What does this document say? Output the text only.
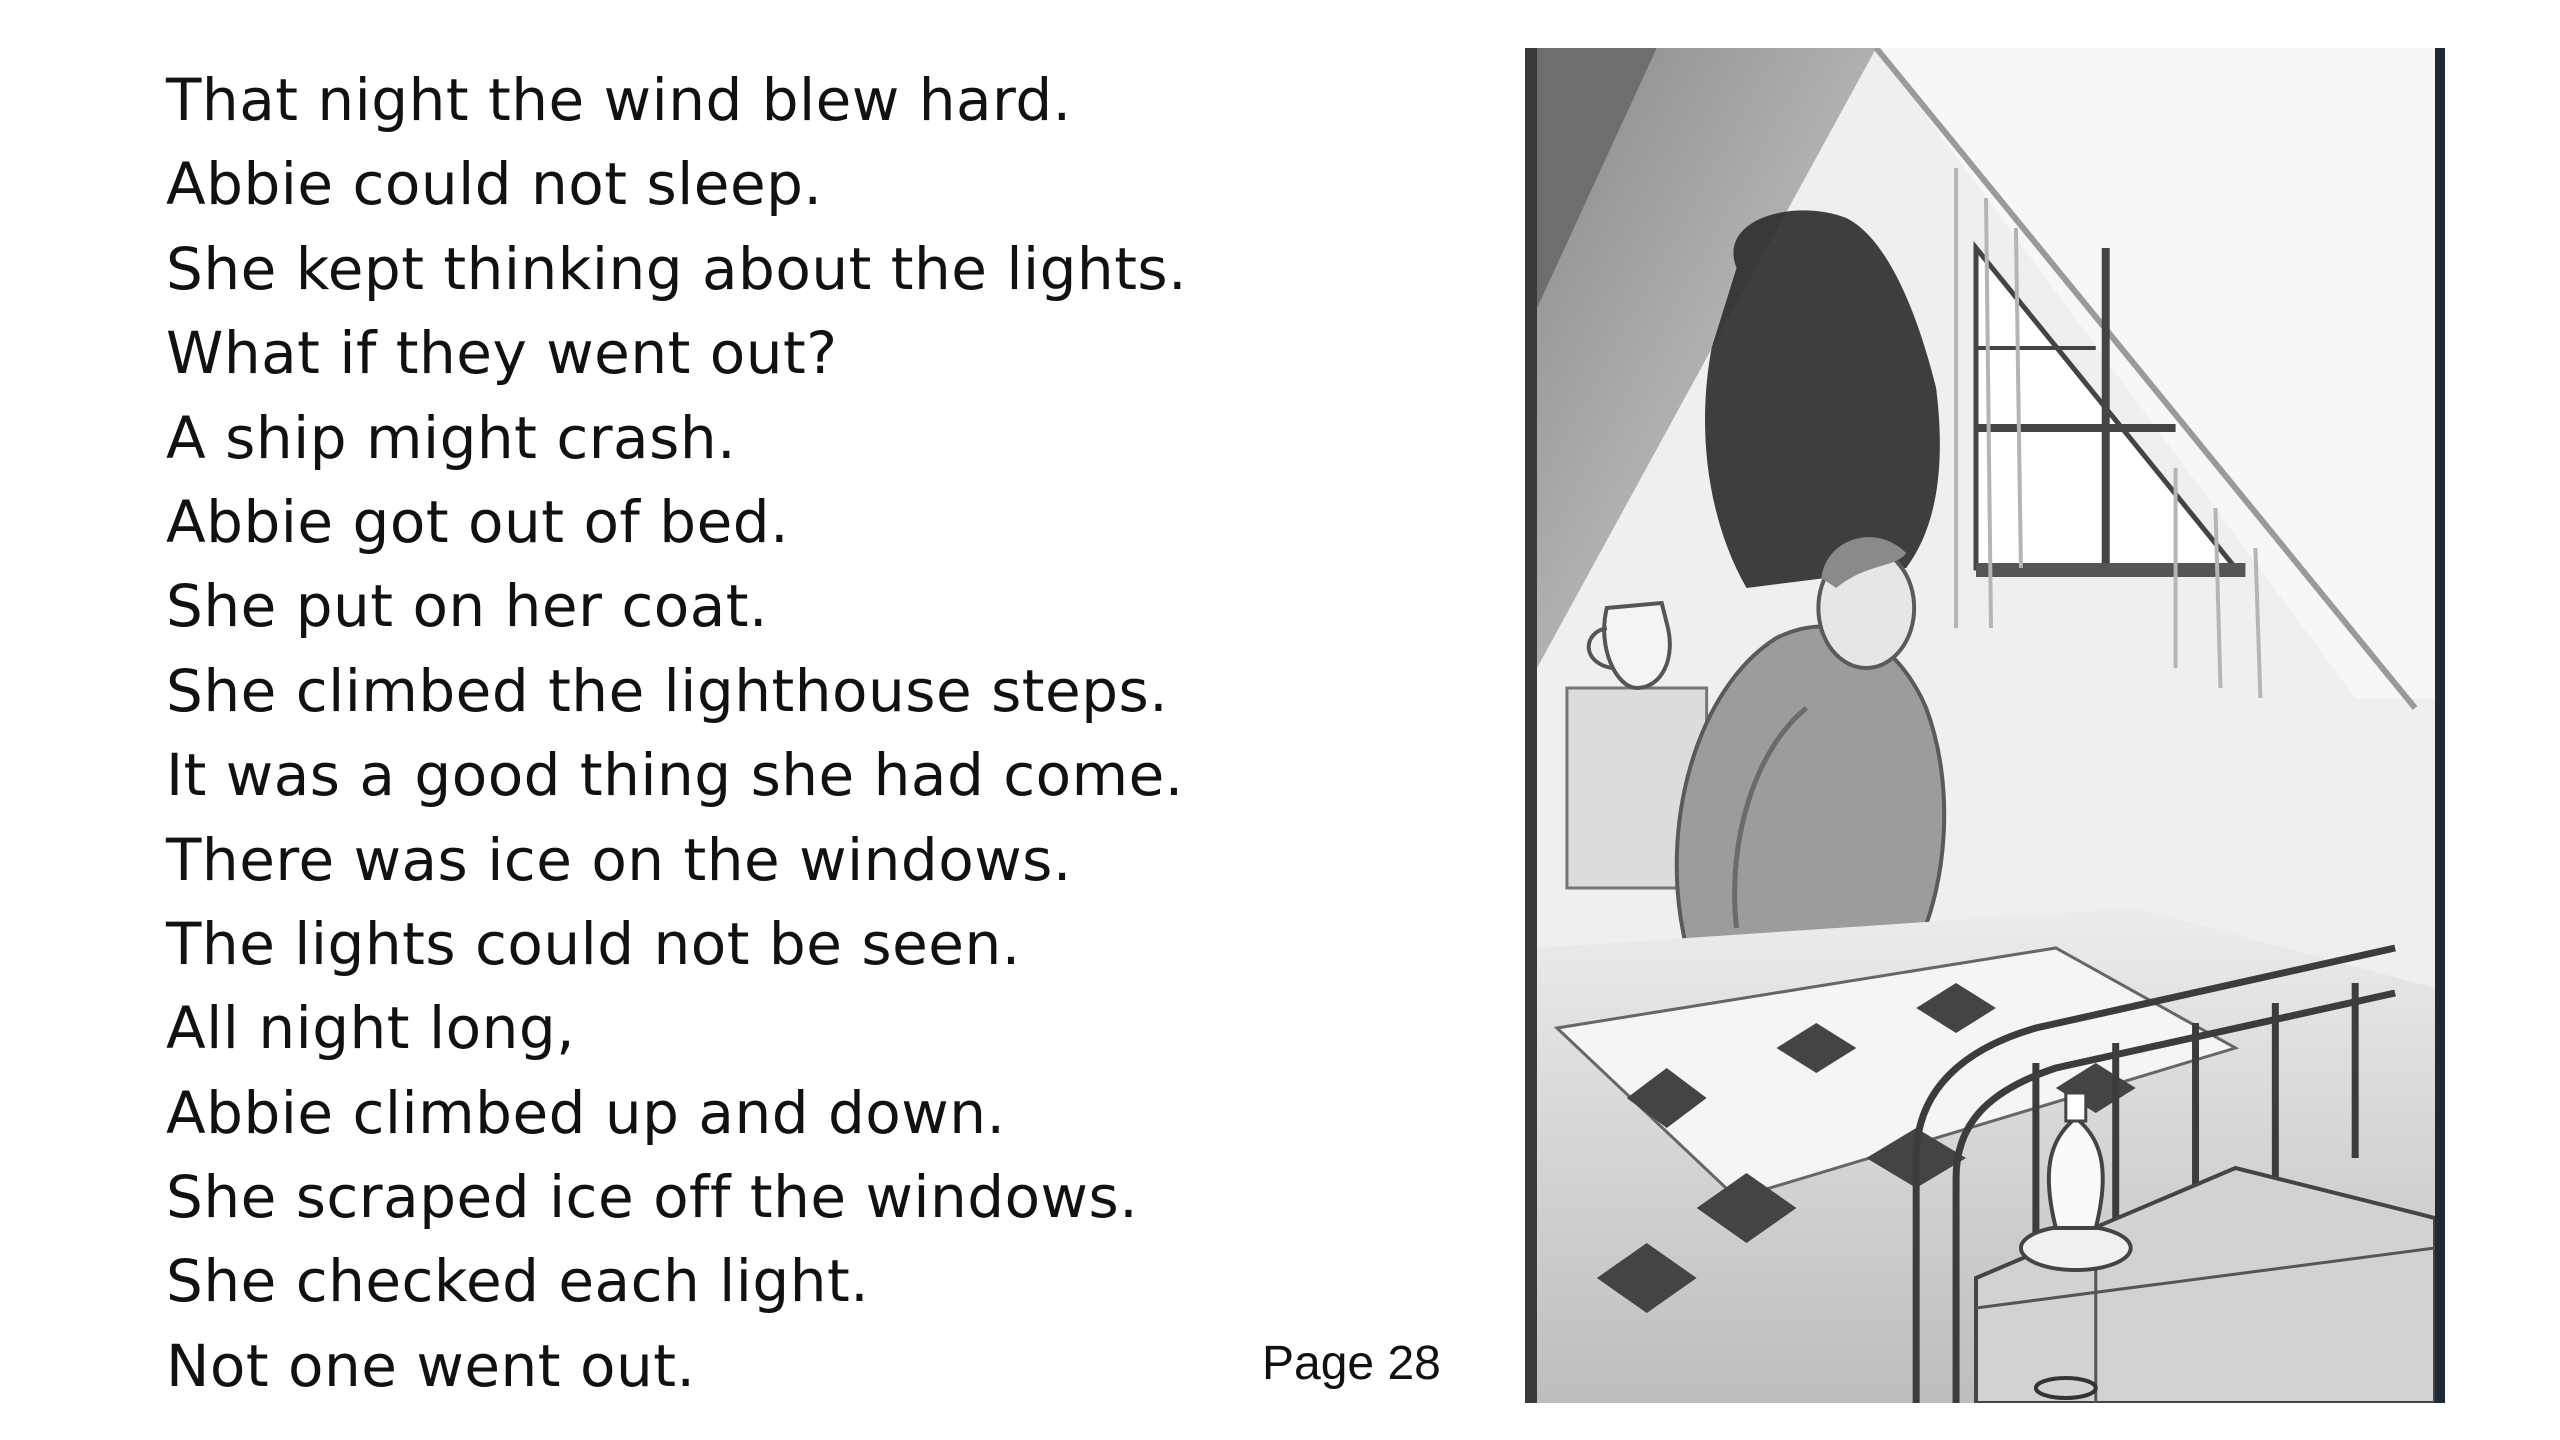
That night the wind blew hard.
Abbie could not sleep.
She kept thinking about the lights.
What if they went out?
A ship might crash.
Abbie got out of bed.
She put on her coat.
She climbed the lighthouse steps.
It was a good thing she had come.
There was ice on the windows.
The lights could not be seen.
All night long,
Abbie climbed up and down.
She scraped ice off the windows.
She checked each light.
Not one went out.	Page 28
